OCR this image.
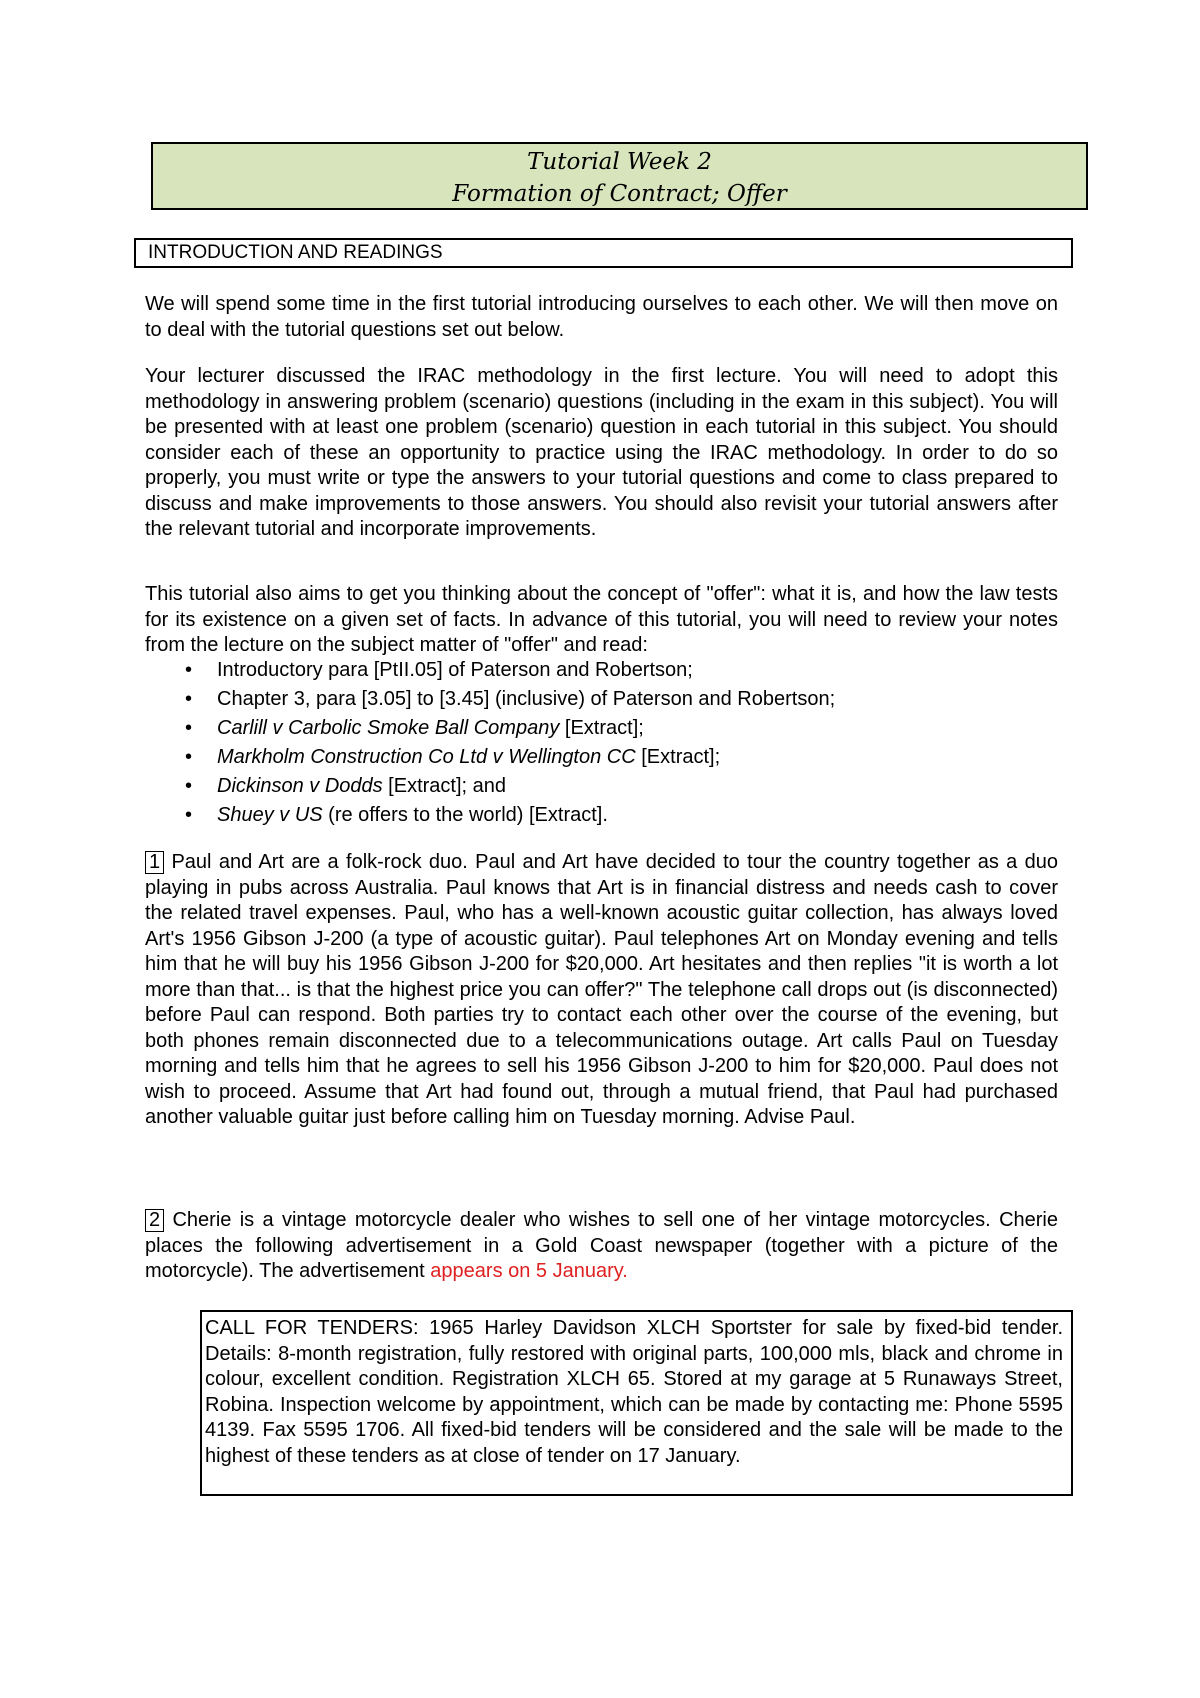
Tutorial Week 2
Formation of Contract; Offer
INTRODUCTION AND READINGS

We will spend some time in the first tutorial introducing ourselves to each other. We will then move on to deal with the tutorial questions set out below.

Your lecturer discussed the IRAC methodology in the first lecture. You will need to adopt this methodology in answering problem (scenario) questions (including in the exam in this subject). You will be presented with at least one problem (scenario) question in each tutorial in this subject. You should consider each of these an opportunity to practice using the IRAC methodology. In order to do so properly, you must write or type the answers to your tutorial questions and come to class prepared to discuss and make improvements to those answers. You should also revisit your tutorial answers after the relevant tutorial and incorporate improvements.

This tutorial also aims to get you thinking about the concept of "offer": what it is, and how the law tests for its existence on a given set of facts. In advance of this tutorial, you will need to review your notes from the lecture on the subject matter of "offer" and read:

• Introductory para [PtII.05] of Paterson and Robertson;
• Chapter 3, para [3.05] to [3.45] (inclusive) of Paterson and Robertson;
• Carlill v Carbolic Smoke Ball Company [Extract];
• Markholm Construction Co Ltd v Wellington CC [Extract];
• Dickinson v Dodds [Extract]; and
• Shuey v US (re offers to the world) [Extract].

1 Paul and Art are a folk-rock duo. Paul and Art have decided to tour the country together as a duo playing in pubs across Australia. Paul knows that Art is in financial distress and needs cash to cover the related travel expenses. Paul, who has a well-known acoustic guitar collection, has always loved Art's 1956 Gibson J-200 (a type of acoustic guitar). Paul telephones Art on Monday evening and tells him that he will buy his 1956 Gibson J-200 for $20,000. Art hesitates and then replies "it is worth a lot more than that... is that the highest price you can offer?" The telephone call drops out (is disconnected) before Paul can respond. Both parties try to contact each other over the course of the evening, but both phones remain disconnected due to a telecommunications outage. Art calls Paul on Tuesday morning and tells him that he agrees to sell his 1956 Gibson J-200 to him for $20,000. Paul does not wish to proceed. Assume that Art had found out, through a mutual friend, that Paul had purchased another valuable guitar just before calling him on Tuesday morning. Advise Paul.

2 Cherie is a vintage motorcycle dealer who wishes to sell one of her vintage motorcycles. Cherie places the following advertisement in a Gold Coast newspaper (together with a picture of the motorcycle). The advertisement appears on 5 January.

CALL FOR TENDERS: 1965 Harley Davidson XLCH Sportster for sale by fixed-bid tender. Details: 8-month registration, fully restored with original parts, 100,000 mls, black and chrome in colour, excellent condition. Registration XLCH 65. Stored at my garage at 5 Runaways Street, Robina. Inspection welcome by appointment, which can be made by contacting me: Phone 5595 4139. Fax 5595 1706. All fixed-bid tenders will be considered and the sale will be made to the highest of these tenders as at close of tender on 17 January.
